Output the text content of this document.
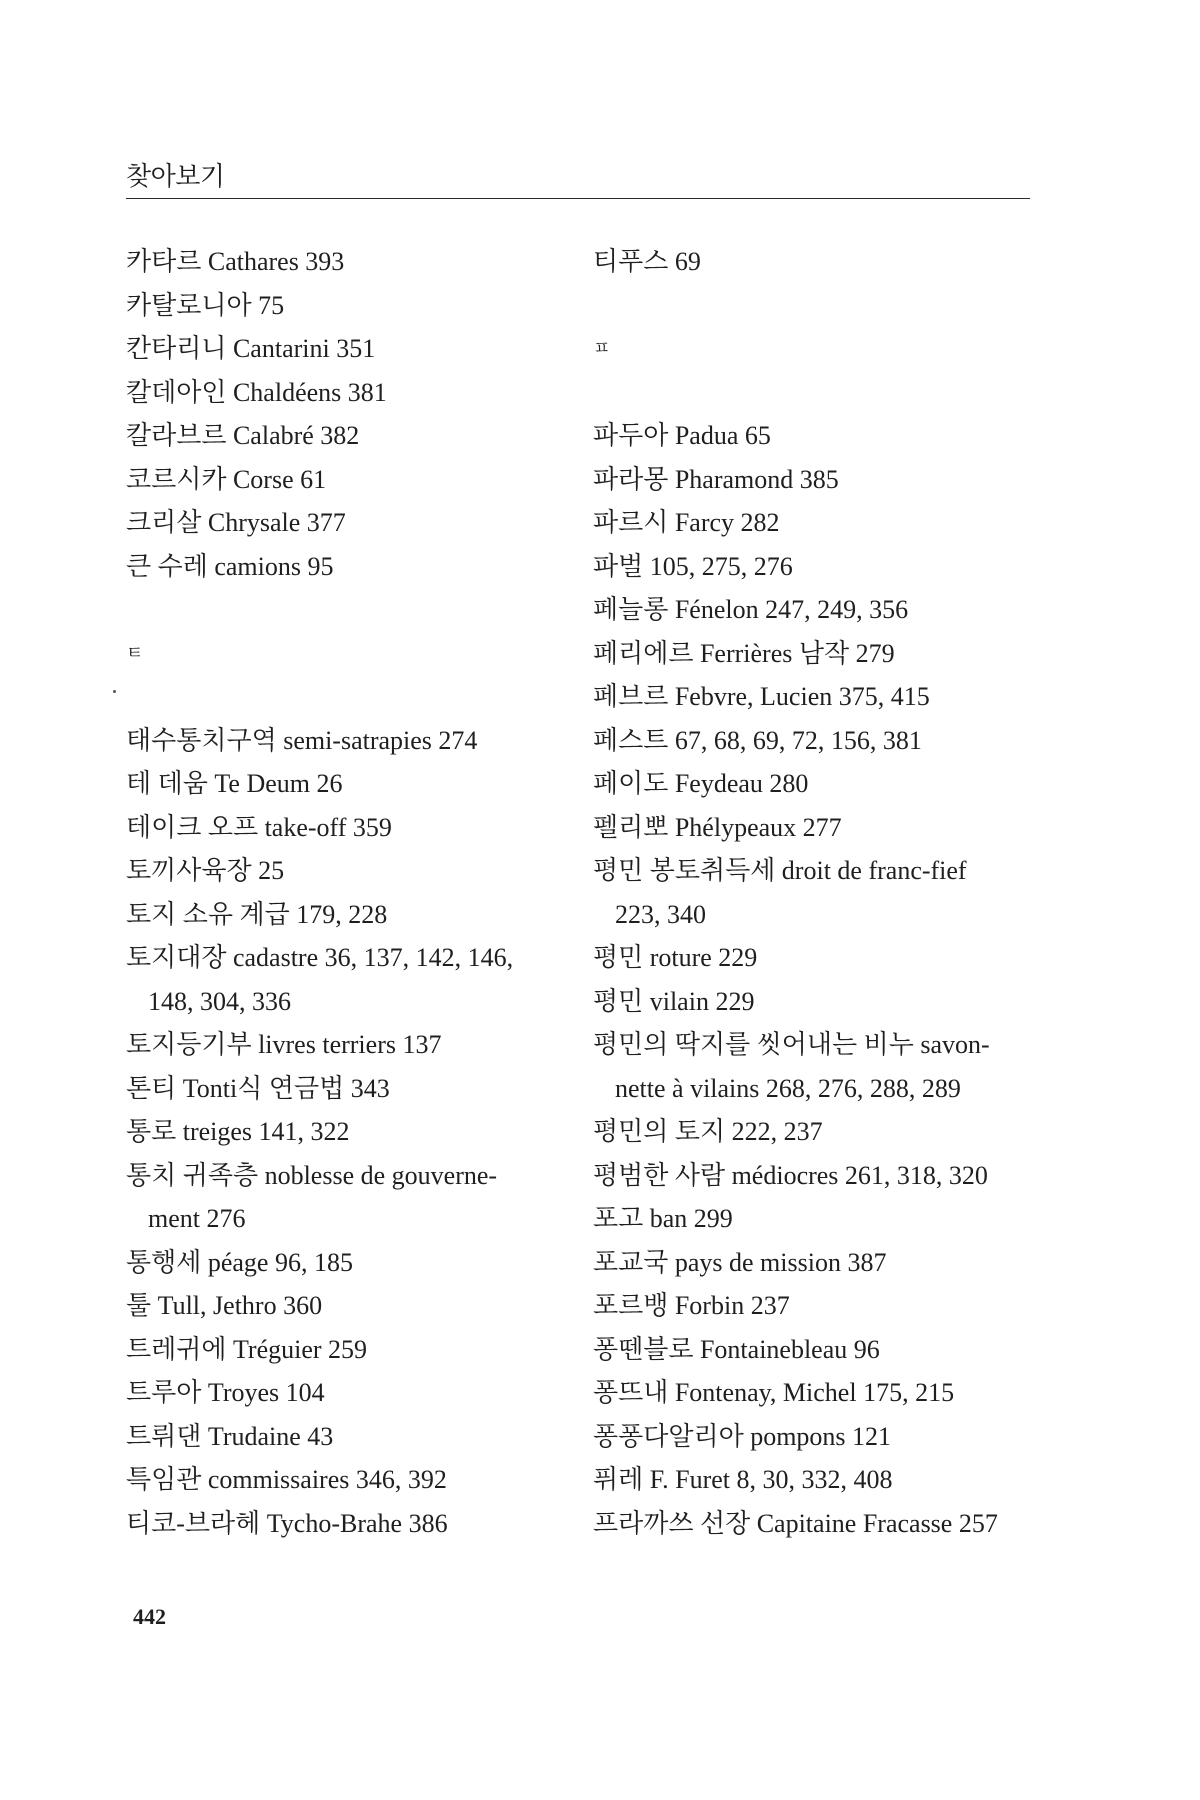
찾아보기
카타르 Cathares 393
카탈로니아 75
칸타리니 Cantarini 351
칼데아인 Chaldéens 381
칼라브르 Calabré 382
코르시카 Corse 61
크리살 Chrysale 377
큰 수레 camions 95
ㅌ
태수통치구역 semi-satrapies 274
테 데움 Te Deum 26
테이크 오프 take-off 359
토끼사육장 25
토지 소유 계급 179, 228
토지대장 cadastre 36, 137, 142, 146,
148, 304, 336
토지등기부 livres terriers 137
톤티 Tonti식 연금법 343
통로 treiges 141, 322
통치 귀족층 noblesse de gouverne-
ment 276
통행세 péage 96, 185
툴 Tull, Jethro 360
트레귀에 Tréguier 259
트루아 Troyes 104
트뤼댄 Trudaine 43
특임관 commissaires 346, 392
티코-브라헤 Tycho-Brahe 386
티푸스 69
ㅍ
파두아 Padua 65
파라몽 Pharamond 385
파르시 Farcy 282
파벌 105, 275, 276
페늘롱 Fénelon 247, 249, 356
페리에르 Ferrières 남작 279
페브르 Febvre, Lucien 375, 415
페스트 67, 68, 69, 72, 156, 381
페이도 Feydeau 280
펠리뽀 Phélypeaux 277
평민 봉토취득세 droit de franc-fief
223, 340
평민 roture 229
평민 vilain 229
평민의 딱지를 씻어내는 비누 savon-
nette à vilains 268, 276, 288, 289
평민의 토지 222, 237
평범한 사람 médiocres 261, 318, 320
포고 ban 299
포교국 pays de mission 387
포르뱅 Forbin 237
퐁뗀블로 Fontainebleau 96
퐁뜨내 Fontenay, Michel 175, 215
퐁퐁다알리아 pompons 121
퓌레 F. Furet 8, 30, 332, 408
프라까쓰 선장 Capitaine Fracasse 257
442
